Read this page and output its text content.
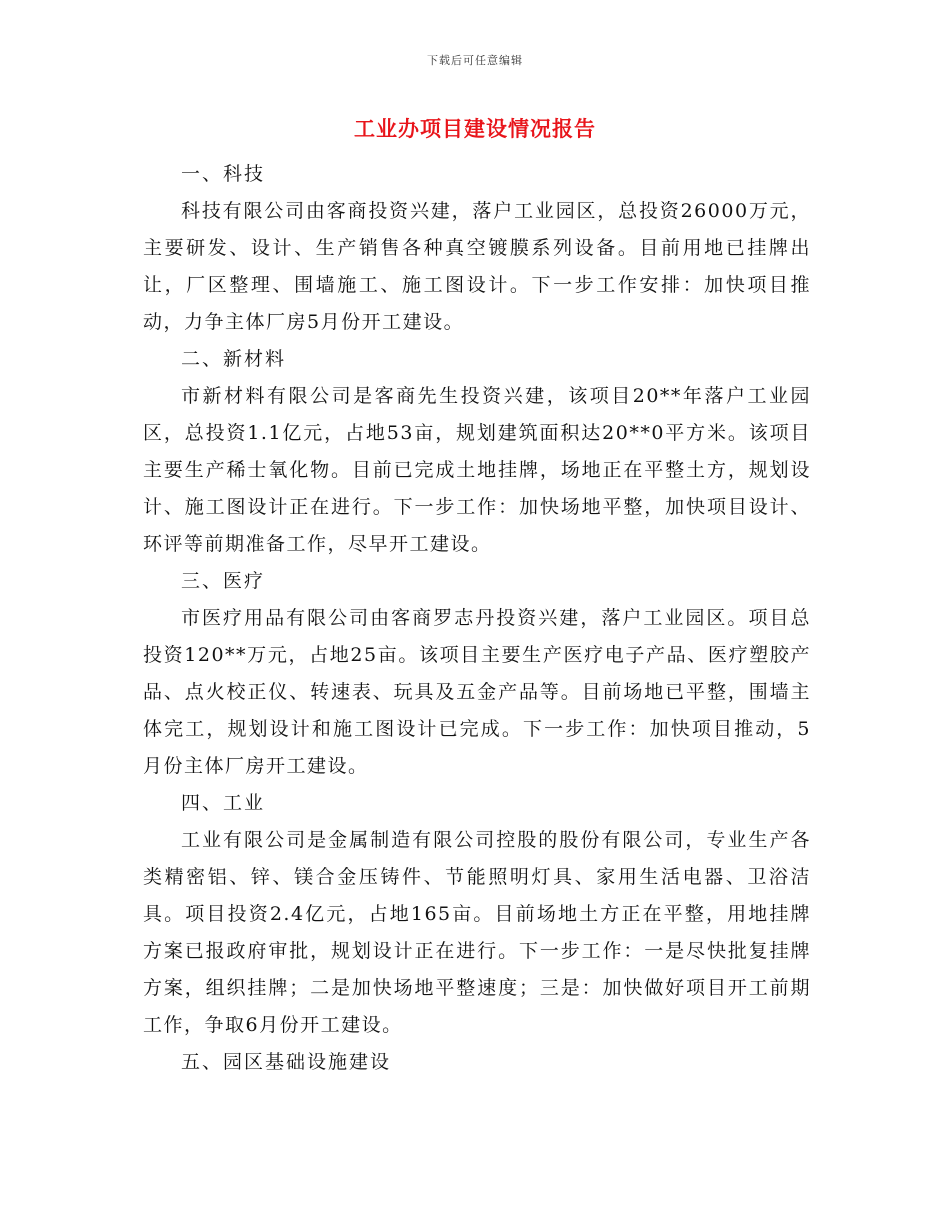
下载后可任意编辑
工业办项目建设情况报告

一、科技

科技有限公司由客商投资兴建，落户工业园区，总投资26000万元，主要研发、设计、生产销售各种真空镀膜系列设备。目前用地已挂牌出让，厂区整理、围墙施工、施工图设计。下一步工作安排：加快项目推动，力争主体厂房5月份开工建设。

二、新材料

市新材料有限公司是客商先生投资兴建，该项目20**年落户工业园区，总投资1.1亿元，占地53亩，规划建筑面积达20**0平方米。该项目主要生产稀士氧化物。目前已完成土地挂牌，场地正在平整土方，规划设计、施工图设计正在进行。下一步工作：加快场地平整，加快项目设计、环评等前期准备工作，尽早开工建设。

三、医疗

市医疗用品有限公司由客商罗志丹投资兴建，落户工业园区。项目总投资120**万元，占地25亩。该项目主要生产医疗电子产品、医疗塑胶产品、点火校正仪、转速表、玩具及五金产品等。目前场地已平整，围墙主体完工，规划设计和施工图设计已完成。下一步工作：加快项目推动，5月份主体厂房开工建设。

四、工业

工业有限公司是金属制造有限公司控股的股份有限公司，专业生产各类精密铝、锌、镁合金压铸件、节能照明灯具、家用生活电器、卫浴洁具。项目投资2.4亿元，占地165亩。目前场地土方正在平整，用地挂牌方案已报政府审批，规划设计正在进行。下一步工作：一是尽快批复挂牌方案，组织挂牌；二是加快场地平整速度；三是：加快做好项目开工前期工作，争取6月份开工建设。

五、园区基础设施建设
